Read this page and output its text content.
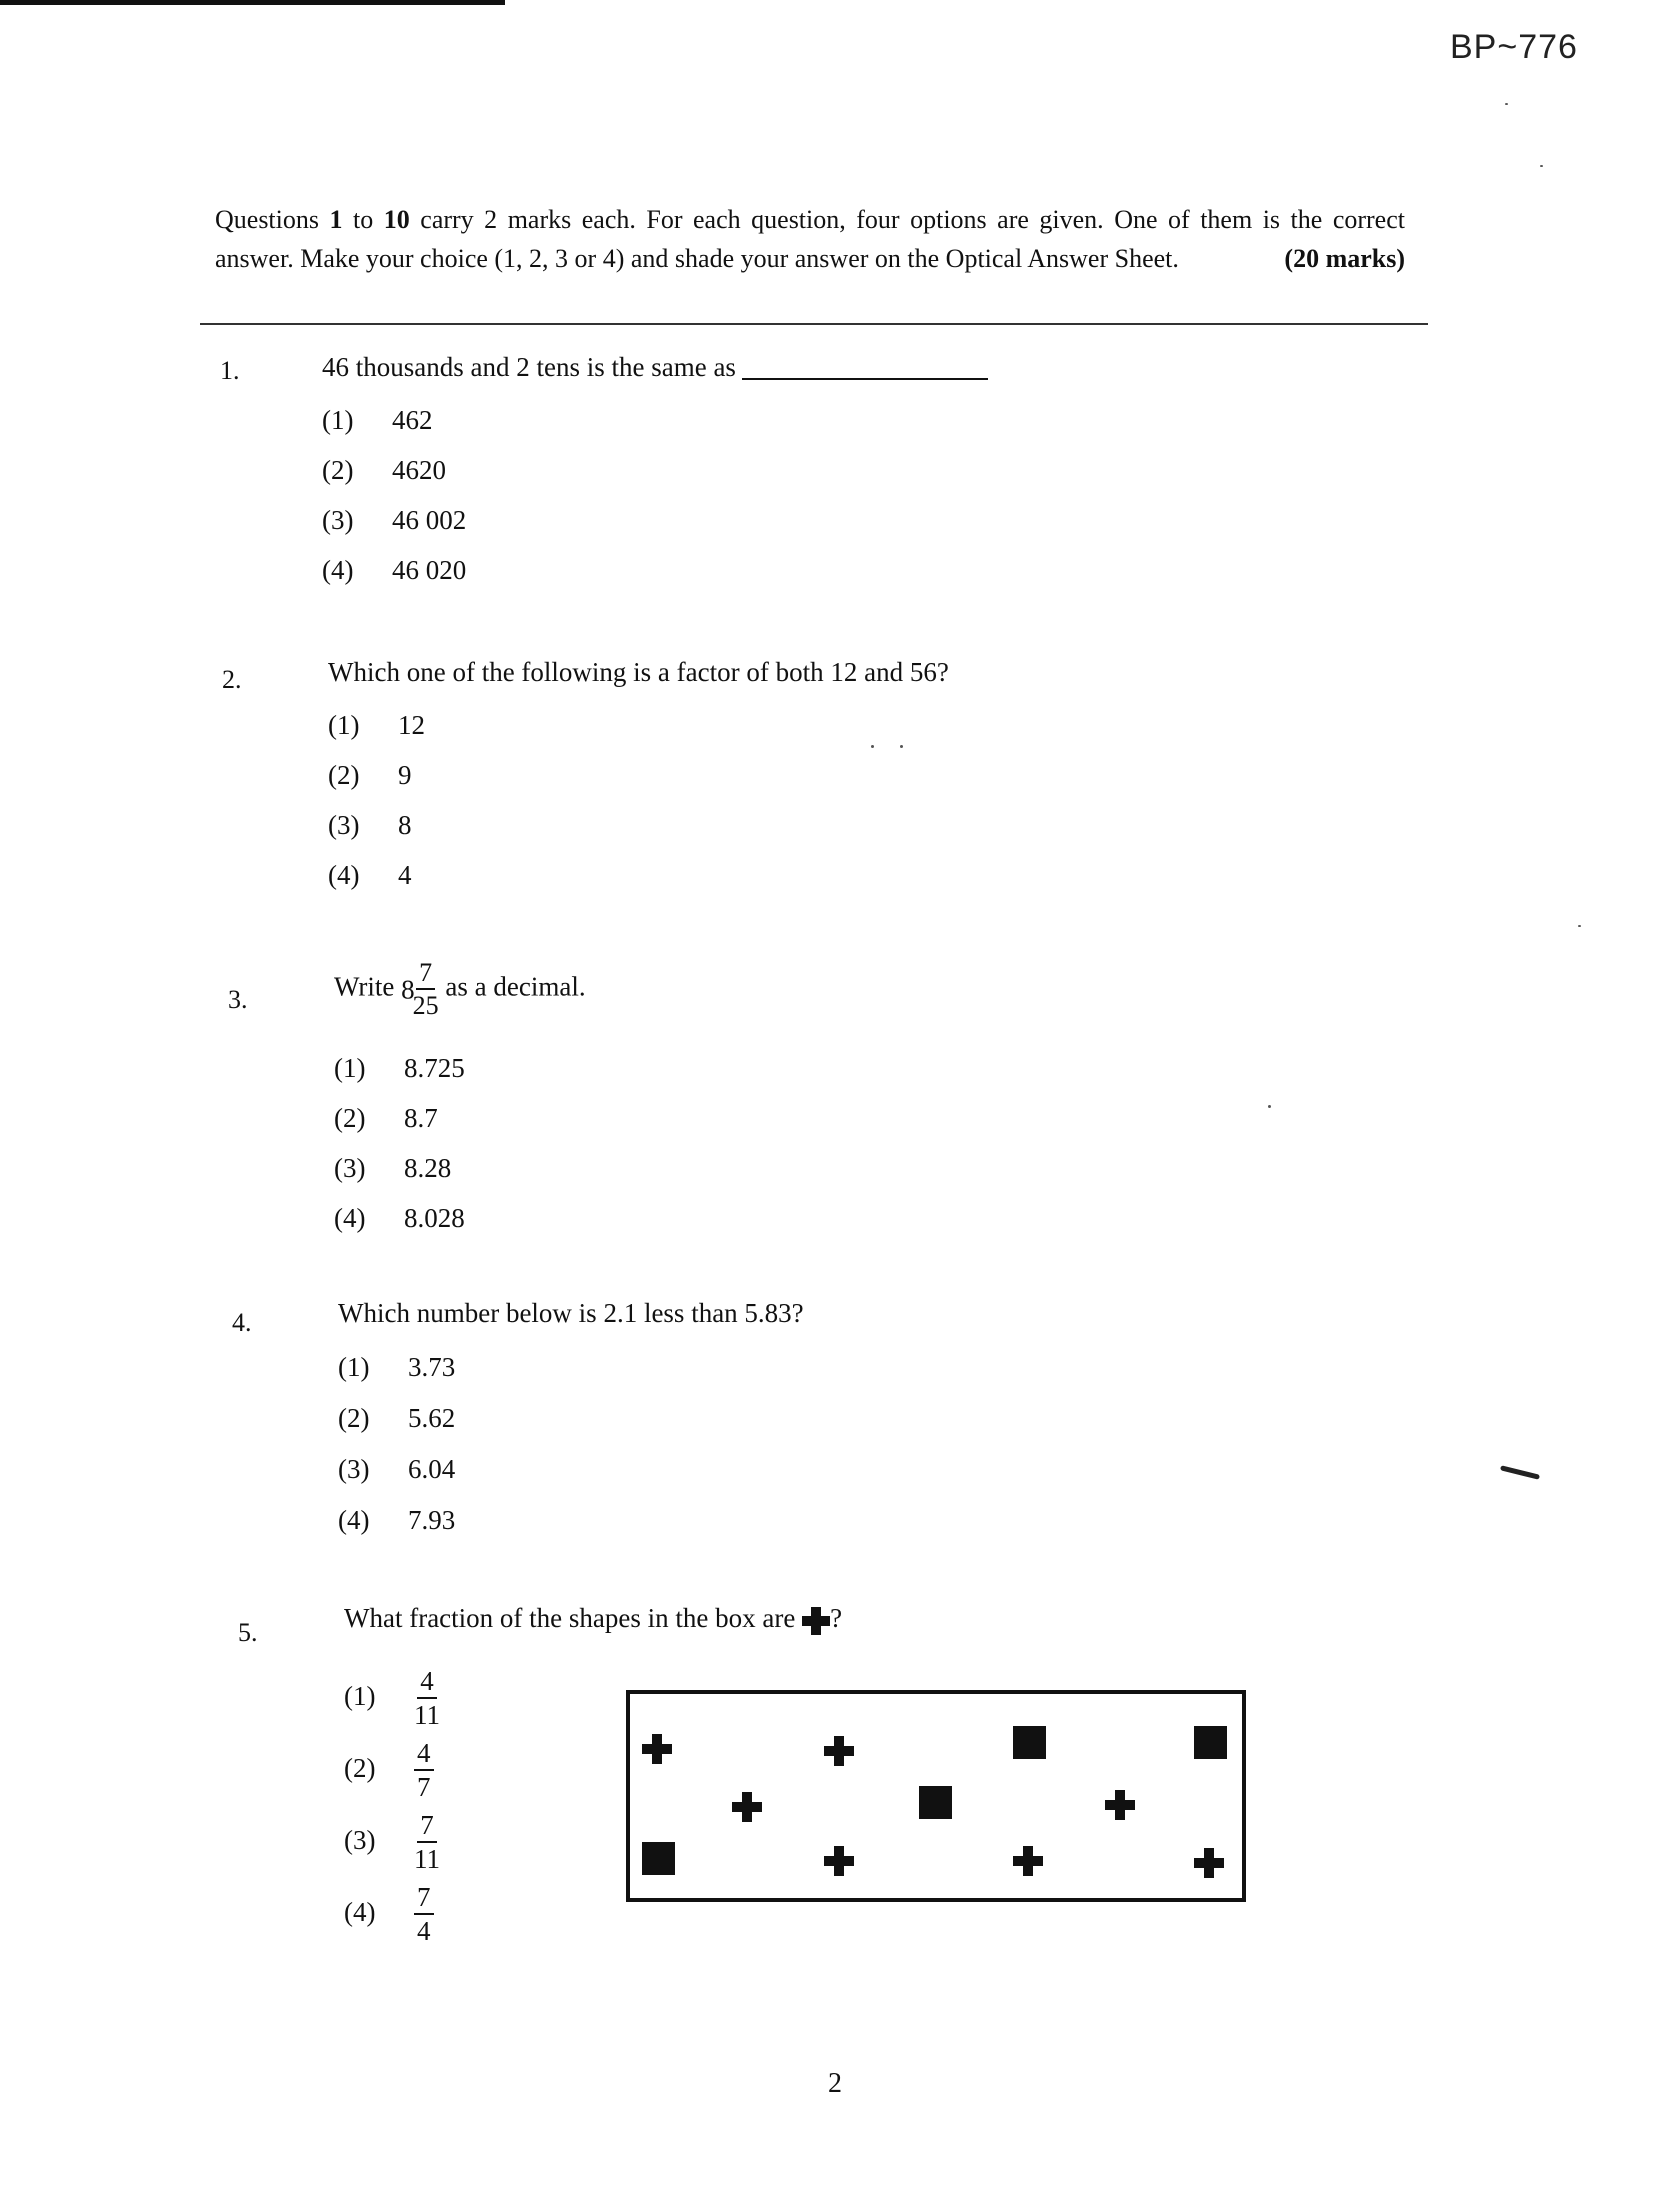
BP~776
Questions 1 to 10 carry 2 marks each. For each question, four options are given. One of them is the correct answer. Make your choice (1, 2, 3 or 4) and shade your answer on the Optical Answer Sheet.	(20 marks)
1.	46 thousands and 2 tens is the same as
(1) 462
(2) 4620
(3) 46 002
(4) 46 020
2.	Which one of the following is a factor of both 12 and 56?
(1) 12
(2) 9
(3) 8
(4) 4
3.	Write 8
$\frac{7}{25}$ as a decimal.
(1) 8.725
(2) 8.7
(3) 8.28
(4) 8.028
4.	Which number below is 2.1 less than 5.83?
(1) 3.73
(2) 5.62
(3) 6.04
(4) 7.93
5.	What fraction of the shapes in the box are ?
$(1) \frac{4}{11}$
$(2) \frac{4}{7}$
$(3) \frac{7}{11}$
$(4) \frac{7}{4}$
2
